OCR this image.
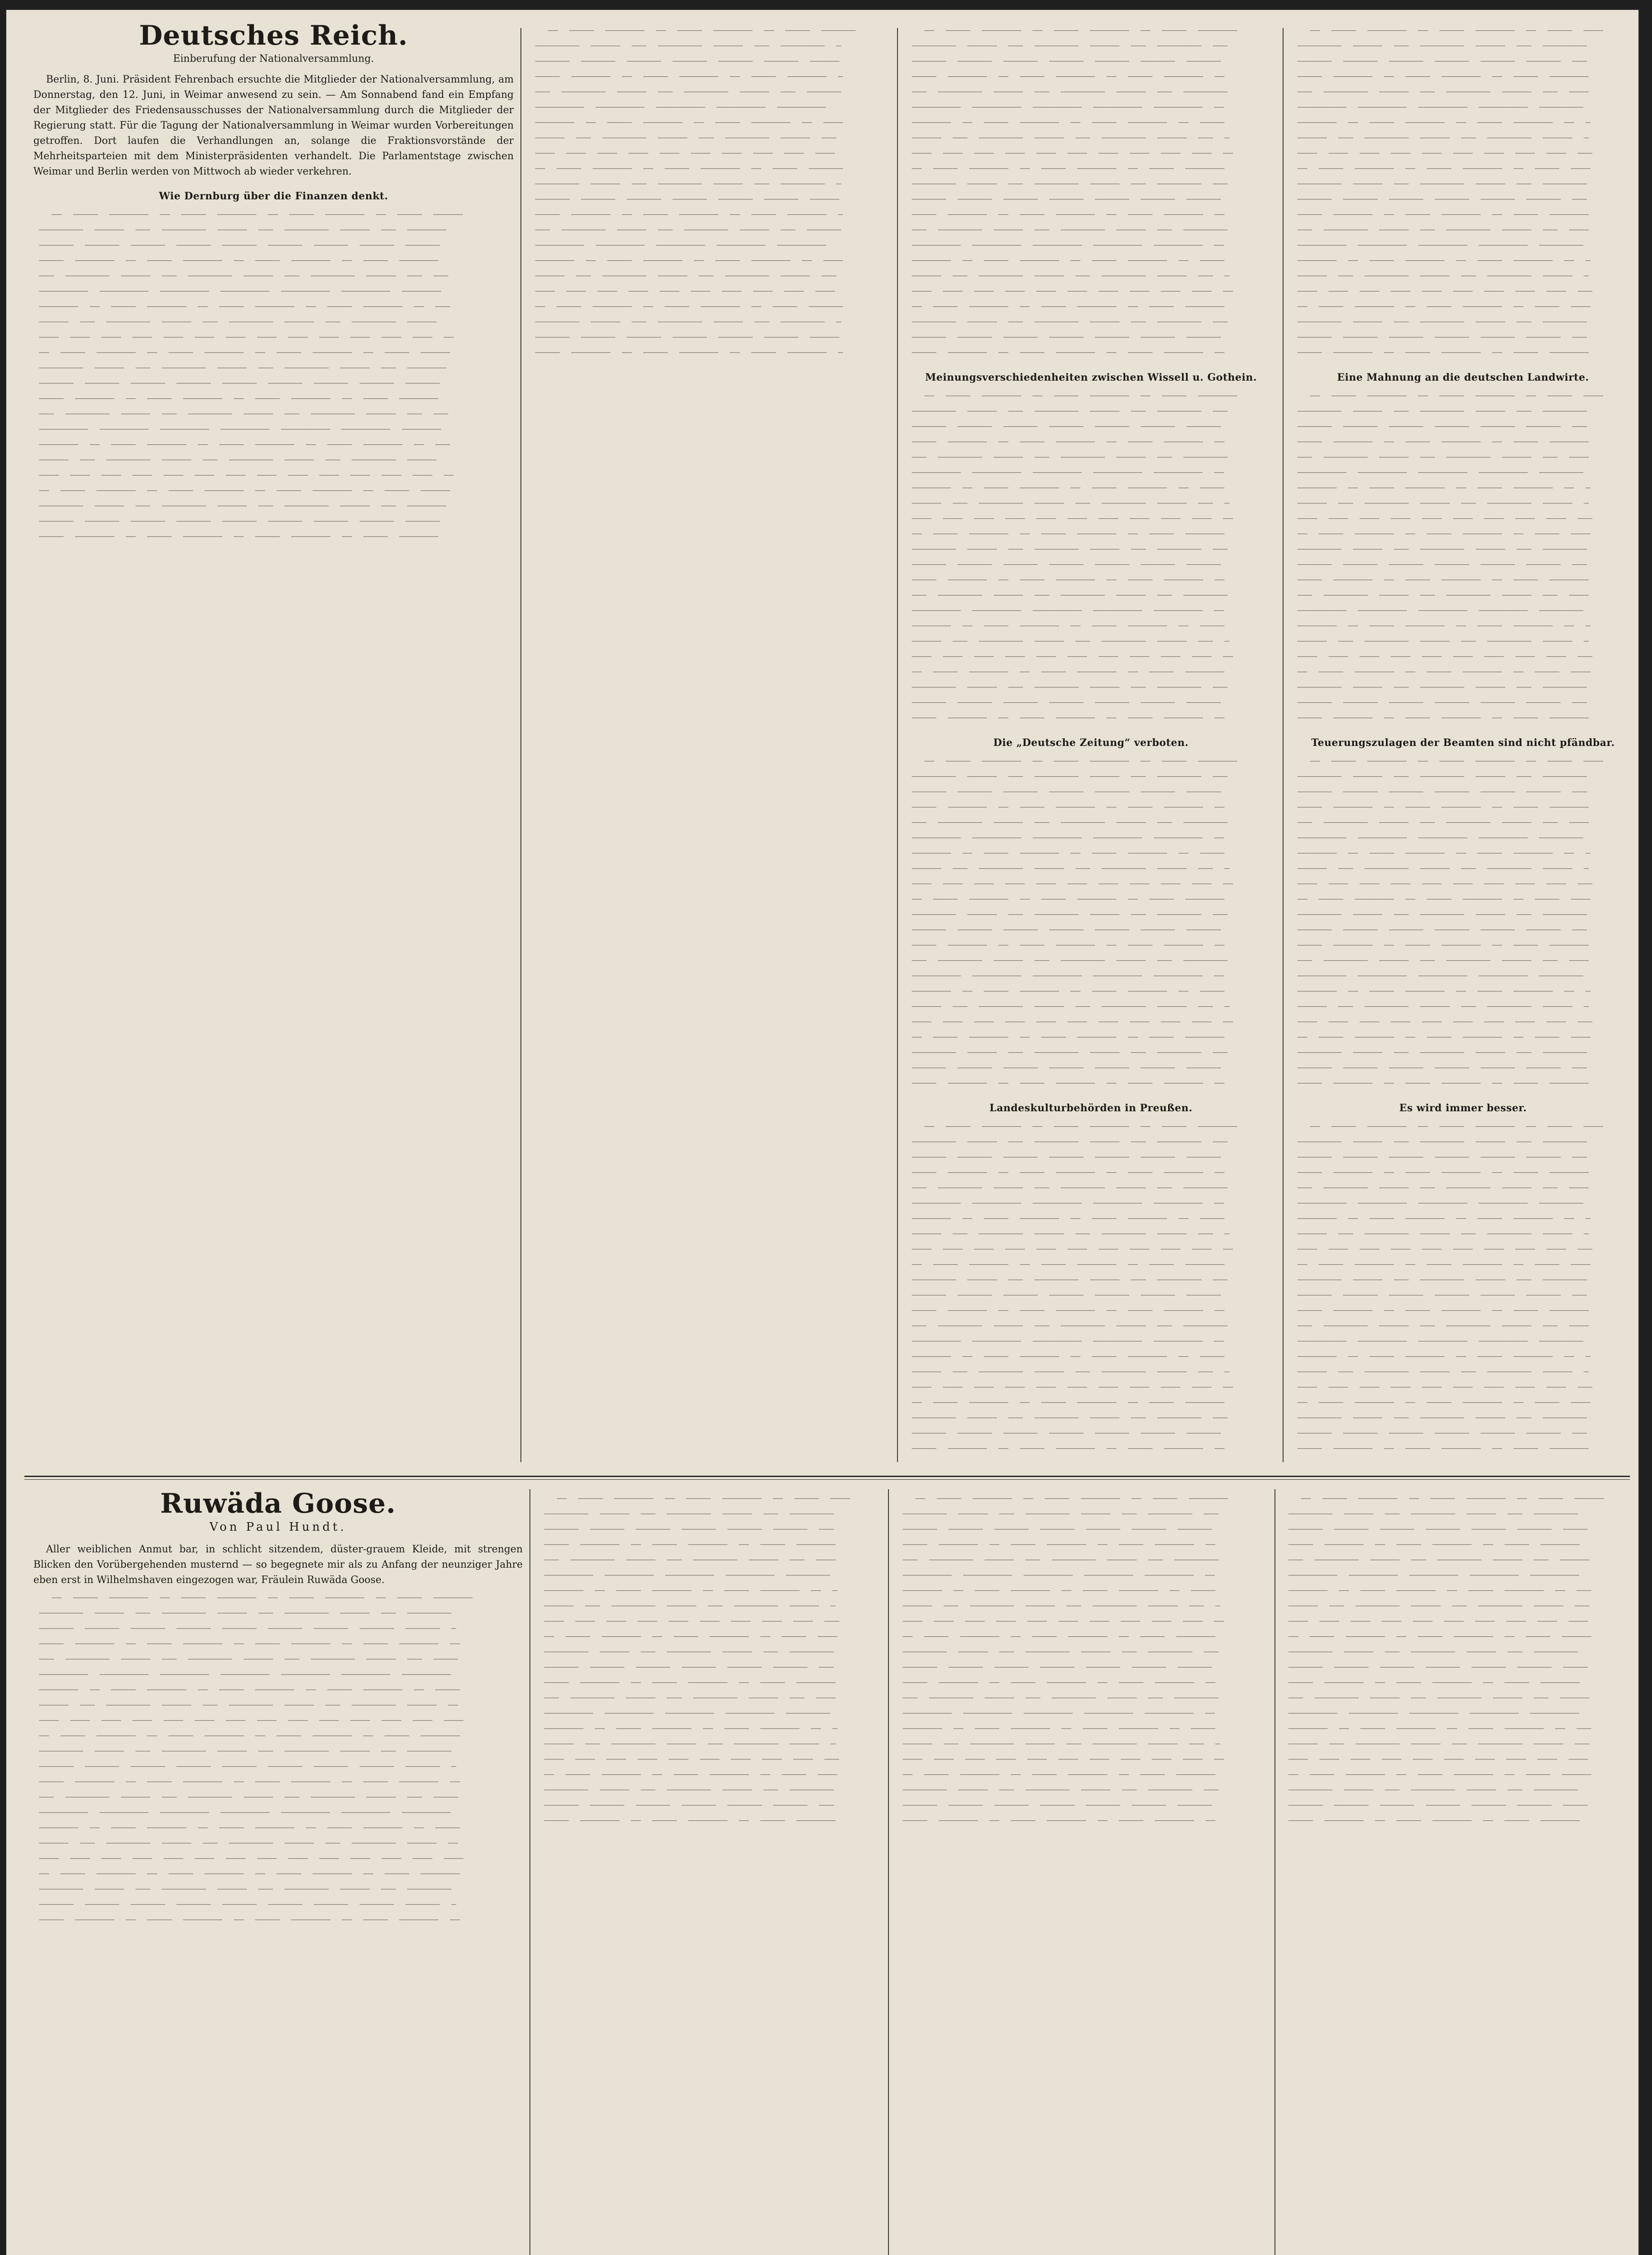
Deutsches Reich.
Einberufung der Nationalversammlung.

Berlin, 8. Juni. Präsident Fehrenbach ersuchte die Mitglieder der Nationalversammlung, am Donnerstag, den 12. Juni, in Weimar anwesend zu sein. — Am Sonnabend fand ein Empfang der Mitglieder des Friedensausschusses der Nationalversammlung durch die Mitglieder der Regierung statt. Für die Tagung der Nationalversammlung in Weimar wurden Vorbereitungen getroffen. Dort laufen die Verhandlungen an, solange die Fraktionsvorstände der Mehrheitsparteien mit dem Ministerpräsidenten verhandelt. Die Parlamentstage zwischen Weimar und Berlin werden von Mittwoch ab wieder verkehren.

Wie Dernburg über die Finanzen denkt.

──  ─────  ────────  ──  ─────  ────────  ──  ─────  ────────  ──  ─────  ──────
─────────  ──────  ───  ─────────  ──────  ───  ─────────  ──────  ───  ────────
───────  ───────  ───────  ───────  ───────  ───────  ───────  ───────  ───────
─────  ────────  ──  ─────  ────────  ──  ─────  ────────  ──  ─────  ────────
───  ─────────  ──────  ───  ─────────  ──────  ───  ─────────  ──────  ───  ───
──────────  ──────────  ──────────  ──────────  ──────────  ──────────  ────────
────────  ──  ─────  ────────  ──  ─────  ────────  ──  ─────  ────────  ──  ───
──────  ───  ─────────  ──────  ───  ─────────  ──────  ───  ─────────  ──────
────  ────  ────  ────  ────  ────  ────  ────  ────  ────  ────  ────  ────  ──
──  ─────  ────────  ──  ─────  ────────  ──  ─────  ────────  ──  ─────  ──────
─────────  ──────  ───  ─────────  ──────  ───  ─────────  ──────  ───  ────────
───────  ───────  ───────  ───────  ───────  ───────  ───────  ───────  ───────
─────  ────────  ──  ─────  ────────  ──  ─────  ────────  ──  ─────  ────────
───  ─────────  ──────  ───  ─────────  ──────  ───  ─────────  ──────  ───  ───
──────────  ──────────  ──────────  ──────────  ──────────  ──────────  ────────
────────  ──  ─────  ────────  ──  ─────  ────────  ──  ─────  ────────  ──  ───
──────  ───  ─────────  ──────  ───  ─────────  ──────  ───  ─────────  ──────
────  ────  ────  ────  ────  ────  ────  ────  ────  ────  ────  ────  ────  ──
──  ─────  ────────  ──  ─────  ────────  ──  ─────  ────────  ──  ─────  ──────
─────────  ──────  ───  ─────────  ──────  ───  ─────────  ──────  ───  ────────
───────  ───────  ───────  ───────  ───────  ───────  ───────  ───────  ───────
─────  ────────  ──  ─────  ────────  ──  ─────  ────────  ──  ─────  ────────

──  ─────  ────────  ──  ─────  ────────  ──  ─────  ───────
─────────  ──────  ───  ─────────  ──────  ───  ─────────  ─
───────  ───────  ───────  ───────  ───────  ───────  ──────
─────  ────────  ──  ─────  ────────  ──  ─────  ────────  ─
───  ─────────  ──────  ───  ─────────  ──────  ───  ───────
──────────  ──────────  ──────────  ──────────  ──────────
────────  ──  ─────  ────────  ──  ─────  ────────  ──  ────
──────  ───  ─────────  ──────  ───  ─────────  ──────  ───
────  ────  ────  ────  ────  ────  ────  ────  ────  ────
──  ─────  ────────  ──  ─────  ────────  ──  ─────  ───────
─────────  ──────  ───  ─────────  ──────  ───  ─────────  ─
───────  ───────  ───────  ───────  ───────  ───────  ──────
─────  ────────  ──  ─────  ────────  ──  ─────  ────────  ─
───  ─────────  ──────  ───  ─────────  ──────  ───  ───────
──────────  ──────────  ──────────  ──────────  ──────────
────────  ──  ─────  ────────  ──  ─────  ────────  ──  ────
──────  ───  ─────────  ──────  ───  ─────────  ──────  ───
────  ────  ────  ────  ────  ────  ────  ────  ────  ────
──  ─────  ────────  ──  ─────  ────────  ──  ─────  ───────
─────────  ──────  ───  ─────────  ──────  ───  ─────────  ─
───────  ───────  ───────  ───────  ───────  ───────  ──────
─────  ────────  ──  ─────  ────────  ──  ─────  ────────  ─

──  ─────  ────────  ──  ─────  ────────  ──  ─────  ────────
─────────  ──────  ───  ─────────  ──────  ───  ─────────  ───
───────  ───────  ───────  ───────  ───────  ───────  ───────
─────  ────────  ──  ─────  ────────  ──  ─────  ────────  ──
───  ─────────  ──────  ───  ─────────  ──────  ───  ─────────
──────────  ──────────  ──────────  ──────────  ──────────  ──
────────  ──  ─────  ────────  ──  ─────  ────────  ──  ─────
──────  ───  ─────────  ──────  ───  ─────────  ──────  ───  ─
────  ────  ────  ────  ────  ────  ────  ────  ────  ────  ──
──  ─────  ────────  ──  ─────  ────────  ──  ─────  ────────
─────────  ──────  ───  ─────────  ──────  ───  ─────────  ───
───────  ───────  ───────  ───────  ───────  ───────  ───────
─────  ────────  ──  ─────  ────────  ──  ─────  ────────  ──
───  ─────────  ──────  ───  ─────────  ──────  ───  ─────────
──────────  ──────────  ──────────  ──────────  ──────────  ──
────────  ──  ─────  ────────  ──  ─────  ────────  ──  ─────
──────  ───  ─────────  ──────  ───  ─────────  ──────  ───  ─
────  ────  ────  ────  ────  ────  ────  ────  ────  ────  ──
──  ─────  ────────  ──  ─────  ────────  ──  ─────  ────────
─────────  ──────  ───  ─────────  ──────  ───  ─────────  ───
───────  ───────  ───────  ───────  ───────  ───────  ───────
─────  ────────  ──  ─────  ────────  ──  ─────  ────────  ──

Meinungsverschiedenheiten zwischen Wissell u. Gothein.

──  ─────  ────────  ──  ─────  ────────  ──  ─────  ────────
─────────  ──────  ───  ─────────  ──────  ───  ─────────  ───
───────  ───────  ───────  ───────  ───────  ───────  ───────
─────  ────────  ──  ─────  ────────  ──  ─────  ────────  ──
───  ─────────  ──────  ───  ─────────  ──────  ───  ─────────
──────────  ──────────  ──────────  ──────────  ──────────  ──
────────  ──  ─────  ────────  ──  ─────  ────────  ──  ─────
──────  ───  ─────────  ──────  ───  ─────────  ──────  ───  ─
────  ────  ────  ────  ────  ────  ────  ────  ────  ────  ──
──  ─────  ────────  ──  ─────  ────────  ──  ─────  ────────
─────────  ──────  ───  ─────────  ──────  ───  ─────────  ───
───────  ───────  ───────  ───────  ───────  ───────  ───────
─────  ────────  ──  ─────  ────────  ──  ─────  ────────  ──
───  ─────────  ──────  ───  ─────────  ──────  ───  ─────────
──────────  ──────────  ──────────  ──────────  ──────────  ──
────────  ──  ─────  ────────  ──  ─────  ────────  ──  ─────
──────  ───  ─────────  ──────  ───  ─────────  ──────  ───  ─
────  ────  ────  ────  ────  ────  ────  ────  ────  ────  ──
──  ─────  ────────  ──  ─────  ────────  ──  ─────  ────────
─────────  ──────  ───  ─────────  ──────  ───  ─────────  ───
───────  ───────  ───────  ───────  ───────  ───────  ───────
─────  ────────  ──  ─────  ────────  ──  ─────  ────────  ──

Die „Deutsche Zeitung“ verboten.

──  ─────  ────────  ──  ─────  ────────  ──  ─────  ────────
─────────  ──────  ───  ─────────  ──────  ───  ─────────  ───
───────  ───────  ───────  ───────  ───────  ───────  ───────
─────  ────────  ──  ─────  ────────  ──  ─────  ────────  ──
───  ─────────  ──────  ───  ─────────  ──────  ───  ─────────
──────────  ──────────  ──────────  ──────────  ──────────  ──
────────  ──  ─────  ────────  ──  ─────  ────────  ──  ─────
──────  ───  ─────────  ──────  ───  ─────────  ──────  ───  ─
────  ────  ────  ────  ────  ────  ────  ────  ────  ────  ──
──  ─────  ────────  ──  ─────  ────────  ──  ─────  ────────
─────────  ──────  ───  ─────────  ──────  ───  ─────────  ───
───────  ───────  ───────  ───────  ───────  ───────  ───────
─────  ────────  ──  ─────  ────────  ──  ─────  ────────  ──
───  ─────────  ──────  ───  ─────────  ──────  ───  ─────────
──────────  ──────────  ──────────  ──────────  ──────────  ──
────────  ──  ─────  ────────  ──  ─────  ────────  ──  ─────
──────  ───  ─────────  ──────  ───  ─────────  ──────  ───  ─
────  ────  ────  ────  ────  ────  ────  ────  ────  ────  ──
──  ─────  ────────  ──  ─────  ────────  ──  ─────  ────────
─────────  ──────  ───  ─────────  ──────  ───  ─────────  ───
───────  ───────  ───────  ───────  ───────  ───────  ───────
─────  ────────  ──  ─────  ────────  ──  ─────  ────────  ──

Landeskulturbehörden in Preußen.

──  ─────  ────────  ──  ─────  ────────  ──  ─────  ────────
─────────  ──────  ───  ─────────  ──────  ───  ─────────  ───
───────  ───────  ───────  ───────  ───────  ───────  ───────
─────  ────────  ──  ─────  ────────  ──  ─────  ────────  ──
───  ─────────  ──────  ───  ─────────  ──────  ───  ─────────
──────────  ──────────  ──────────  ──────────  ──────────  ──
────────  ──  ─────  ────────  ──  ─────  ────────  ──  ─────
──────  ───  ─────────  ──────  ───  ─────────  ──────  ───  ─
────  ────  ────  ────  ────  ────  ────  ────  ────  ────  ──
──  ─────  ────────  ──  ─────  ────────  ──  ─────  ────────
─────────  ──────  ───  ─────────  ──────  ───  ─────────  ───
───────  ───────  ───────  ───────  ───────  ───────  ───────
─────  ────────  ──  ─────  ────────  ──  ─────  ────────  ──
───  ─────────  ──────  ───  ─────────  ──────  ───  ─────────
──────────  ──────────  ──────────  ──────────  ──────────  ──
────────  ──  ─────  ────────  ──  ─────  ────────  ──  ─────
──────  ───  ─────────  ──────  ───  ─────────  ──────  ───  ─
────  ────  ────  ────  ────  ────  ────  ────  ────  ────  ──
──  ─────  ────────  ──  ─────  ────────  ──  ─────  ────────
─────────  ──────  ───  ─────────  ──────  ───  ─────────  ───
───────  ───────  ───────  ───────  ───────  ───────  ───────
─────  ────────  ──  ─────  ────────  ──  ─────  ────────  ──

──  ─────  ────────  ──  ─────  ────────  ──  ─────  ────
─────────  ──────  ───  ─────────  ──────  ───  ─────────
───────  ───────  ───────  ───────  ───────  ───────  ───
─────  ────────  ──  ─────  ────────  ──  ─────  ────────
───  ─────────  ──────  ───  ─────────  ──────  ───  ────
──────────  ──────────  ──────────  ──────────  ─────────
────────  ──  ─────  ────────  ──  ─────  ────────  ──  ─
──────  ───  ─────────  ──────  ───  ─────────  ──────  ─
────  ────  ────  ────  ────  ────  ────  ────  ────  ───
──  ─────  ────────  ──  ─────  ────────  ──  ─────  ────
─────────  ──────  ───  ─────────  ──────  ───  ─────────
───────  ───────  ───────  ───────  ───────  ───────  ───
─────  ────────  ──  ─────  ────────  ──  ─────  ────────
───  ─────────  ──────  ───  ─────────  ──────  ───  ────
──────────  ──────────  ──────────  ──────────  ─────────
────────  ──  ─────  ────────  ──  ─────  ────────  ──  ─
──────  ───  ─────────  ──────  ───  ─────────  ──────  ─
────  ────  ────  ────  ────  ────  ────  ────  ────  ───
──  ─────  ────────  ──  ─────  ────────  ──  ─────  ────
─────────  ──────  ───  ─────────  ──────  ───  ─────────
───────  ───────  ───────  ───────  ───────  ───────  ───
─────  ────────  ──  ─────  ────────  ──  ─────  ────────

Eine Mahnung an die deutschen Landwirte.

──  ─────  ────────  ──  ─────  ────────  ──  ─────  ────
─────────  ──────  ───  ─────────  ──────  ───  ─────────
───────  ───────  ───────  ───────  ───────  ───────  ───
─────  ────────  ──  ─────  ────────  ──  ─────  ────────
───  ─────────  ──────  ───  ─────────  ──────  ───  ────
──────────  ──────────  ──────────  ──────────  ─────────
────────  ──  ─────  ────────  ──  ─────  ────────  ──  ─
──────  ───  ─────────  ──────  ───  ─────────  ──────  ─
────  ────  ────  ────  ────  ────  ────  ────  ────  ───
──  ─────  ────────  ──  ─────  ────────  ──  ─────  ────
─────────  ──────  ───  ─────────  ──────  ───  ─────────
───────  ───────  ───────  ───────  ───────  ───────  ───
─────  ────────  ──  ─────  ────────  ──  ─────  ────────
───  ─────────  ──────  ───  ─────────  ──────  ───  ────
──────────  ──────────  ──────────  ──────────  ─────────
────────  ──  ─────  ────────  ──  ─────  ────────  ──  ─
──────  ───  ─────────  ──────  ───  ─────────  ──────  ─
────  ────  ────  ────  ────  ────  ────  ────  ────  ───
──  ─────  ────────  ──  ─────  ────────  ──  ─────  ────
─────────  ──────  ───  ─────────  ──────  ───  ─────────
───────  ───────  ───────  ───────  ───────  ───────  ───
─────  ────────  ──  ─────  ────────  ──  ─────  ────────

Teuerungszulagen der Beamten sind nicht pfändbar.

──  ─────  ────────  ──  ─────  ────────  ──  ─────  ────
─────────  ──────  ───  ─────────  ──────  ───  ─────────
───────  ───────  ───────  ───────  ───────  ───────  ───
─────  ────────  ──  ─────  ────────  ──  ─────  ────────
───  ─────────  ──────  ───  ─────────  ──────  ───  ────
──────────  ──────────  ──────────  ──────────  ─────────
────────  ──  ─────  ────────  ──  ─────  ────────  ──  ─
──────  ───  ─────────  ──────  ───  ─────────  ──────  ─
────  ────  ────  ────  ────  ────  ────  ────  ────  ───
──  ─────  ────────  ──  ─────  ────────  ──  ─────  ────
─────────  ──────  ───  ─────────  ──────  ───  ─────────
───────  ───────  ───────  ───────  ───────  ───────  ───
─────  ────────  ──  ─────  ────────  ──  ─────  ────────
───  ─────────  ──────  ───  ─────────  ──────  ───  ────
──────────  ──────────  ──────────  ──────────  ─────────
────────  ──  ─────  ────────  ──  ─────  ────────  ──  ─
──────  ───  ─────────  ──────  ───  ─────────  ──────  ─
────  ────  ────  ────  ────  ────  ────  ────  ────  ───
──  ─────  ────────  ──  ─────  ────────  ──  ─────  ────
─────────  ──────  ───  ─────────  ──────  ───  ─────────
───────  ───────  ───────  ───────  ───────  ───────  ───
─────  ────────  ──  ─────  ────────  ──  ─────  ────────

Es wird immer besser.

──  ─────  ────────  ──  ─────  ────────  ──  ─────  ────
─────────  ──────  ───  ─────────  ──────  ───  ─────────
───────  ───────  ───────  ───────  ───────  ───────  ───
─────  ────────  ──  ─────  ────────  ──  ─────  ────────
───  ─────────  ──────  ───  ─────────  ──────  ───  ────
──────────  ──────────  ──────────  ──────────  ─────────
────────  ──  ─────  ────────  ──  ─────  ────────  ──  ─
──────  ───  ─────────  ──────  ───  ─────────  ──────  ─
────  ────  ────  ────  ────  ────  ────  ────  ────  ───
──  ─────  ────────  ──  ─────  ────────  ──  ─────  ────
─────────  ──────  ───  ─────────  ──────  ───  ─────────
───────  ───────  ───────  ───────  ───────  ───────  ───
─────  ────────  ──  ─────  ────────  ──  ─────  ────────
───  ─────────  ──────  ───  ─────────  ──────  ───  ────
──────────  ──────────  ──────────  ──────────  ─────────
────────  ──  ─────  ────────  ──  ─────  ────────  ──  ─
──────  ───  ─────────  ──────  ───  ─────────  ──────  ─
────  ────  ────  ────  ────  ────  ────  ────  ────  ───
──  ─────  ────────  ──  ─────  ────────  ──  ─────  ────
─────────  ──────  ───  ─────────  ──────  ───  ─────────
───────  ───────  ───────  ───────  ───────  ───────  ───
─────  ────────  ──  ─────  ────────  ──  ─────  ────────

Ruwäda Goose.
Von Paul Hundt.

Aller weiblichen Anmut bar, in schlicht sitzendem, düster-grauem Kleide, mit strengen Blicken den Vorübergehenden musternd — so begegnete mir als zu Anfang der neunziger Jahre eben erst in Wilhelmshaven eingezogen war, Fräulein Ruwäda Goose.

──  ─────  ────────  ──  ─────  ────────  ──  ─────  ────────  ──  ─────  ────────
─────────  ──────  ───  ─────────  ──────  ───  ─────────  ──────  ───  ─────────
───────  ───────  ───────  ───────  ───────  ───────  ───────  ───────  ───────  ─
─────  ────────  ──  ─────  ────────  ──  ─────  ────────  ──  ─────  ────────  ──
───  ─────────  ──────  ───  ─────────  ──────  ───  ─────────  ──────  ───  ─────
──────────  ──────────  ──────────  ──────────  ──────────  ──────────  ──────────
────────  ──  ─────  ────────  ──  ─────  ────────  ──  ─────  ────────  ──  ─────
──────  ───  ─────────  ──────  ───  ─────────  ──────  ───  ─────────  ──────  ──
────  ────  ────  ────  ────  ────  ────  ────  ────  ────  ────  ────  ────  ────
──  ─────  ────────  ──  ─────  ────────  ──  ─────  ────────  ──  ─────  ────────
─────────  ──────  ───  ─────────  ──────  ───  ─────────  ──────  ───  ─────────
───────  ───────  ───────  ───────  ───────  ───────  ───────  ───────  ───────  ─
─────  ────────  ──  ─────  ────────  ──  ─────  ────────  ──  ─────  ────────  ──
───  ─────────  ──────  ───  ─────────  ──────  ───  ─────────  ──────  ───  ─────
──────────  ──────────  ──────────  ──────────  ──────────  ──────────  ──────────
────────  ──  ─────  ────────  ──  ─────  ────────  ──  ─────  ────────  ──  ─────
──────  ───  ─────────  ──────  ───  ─────────  ──────  ───  ─────────  ──────  ──
────  ────  ────  ────  ────  ────  ────  ────  ────  ────  ────  ────  ────  ────
──  ─────  ────────  ──  ─────  ────────  ──  ─────  ────────  ──  ─────  ────────
─────────  ──────  ───  ─────────  ──────  ───  ─────────  ──────  ───  ─────────
───────  ───────  ───────  ───────  ───────  ───────  ───────  ───────  ───────  ─
─────  ────────  ──  ─────  ────────  ──  ─────  ────────  ──  ─────  ────────  ──

──  ─────  ────────  ──  ─────  ────────  ──  ─────  ────
─────────  ──────  ───  ─────────  ──────  ───  ─────────
───────  ───────  ───────  ───────  ───────  ───────  ───
─────  ────────  ──  ─────  ────────  ──  ─────  ────────
───  ─────────  ──────  ───  ─────────  ──────  ───  ────
──────────  ──────────  ──────────  ──────────  ─────────
────────  ──  ─────  ────────  ──  ─────  ────────  ──  ─
──────  ───  ─────────  ──────  ───  ─────────  ──────  ─
────  ────  ────  ────  ────  ────  ────  ────  ────  ───
──  ─────  ────────  ──  ─────  ────────  ──  ─────  ────
─────────  ──────  ───  ─────────  ──────  ───  ─────────
───────  ───────  ───────  ───────  ───────  ───────  ───
─────  ────────  ──  ─────  ────────  ──  ─────  ────────
───  ─────────  ──────  ───  ─────────  ──────  ───  ────
──────────  ──────────  ──────────  ──────────  ─────────
────────  ──  ─────  ────────  ──  ─────  ────────  ──  ─
──────  ───  ─────────  ──────  ───  ─────────  ──────  ─
────  ────  ────  ────  ────  ────  ────  ────  ────  ───
──  ─────  ────────  ──  ─────  ────────  ──  ─────  ────
─────────  ──────  ───  ─────────  ──────  ───  ─────────
───────  ───────  ───────  ───────  ───────  ───────  ───
─────  ────────  ──  ─────  ────────  ──  ─────  ────────

──  ─────  ────────  ──  ─────  ────────  ──  ─────  ────────
─────────  ──────  ───  ─────────  ──────  ───  ─────────  ───
───────  ───────  ───────  ───────  ───────  ───────  ───────
─────  ────────  ──  ─────  ────────  ──  ─────  ────────  ──
───  ─────────  ──────  ───  ─────────  ──────  ───  ─────────
──────────  ──────────  ──────────  ──────────  ──────────  ──
────────  ──  ─────  ────────  ──  ─────  ────────  ──  ─────
──────  ───  ─────────  ──────  ───  ─────────  ──────  ───  ─
────  ────  ────  ────  ────  ────  ────  ────  ────  ────  ──
──  ─────  ────────  ──  ─────  ────────  ──  ─────  ────────
─────────  ──────  ───  ─────────  ──────  ───  ─────────  ───
───────  ───────  ───────  ───────  ───────  ───────  ───────
─────  ────────  ──  ─────  ────────  ──  ─────  ────────  ──
───  ─────────  ──────  ───  ─────────  ──────  ───  ─────────
──────────  ──────────  ──────────  ──────────  ──────────  ──
────────  ──  ─────  ────────  ──  ─────  ────────  ──  ─────
──────  ───  ─────────  ──────  ───  ─────────  ──────  ───  ─
────  ────  ────  ────  ────  ────  ────  ────  ────  ────  ──
──  ─────  ────────  ──  ─────  ────────  ──  ─────  ────────
─────────  ──────  ───  ─────────  ──────  ───  ─────────  ───
───────  ───────  ───────  ───────  ───────  ───────  ───────
─────  ────────  ──  ─────  ────────  ──  ─────  ────────  ──

──  ─────  ────────  ──  ─────  ────────  ──  ─────  ──────
─────────  ──────  ───  ─────────  ──────  ───  ─────────
───────  ───────  ───────  ───────  ───────  ───────  ─────
─────  ────────  ──  ─────  ────────  ──  ─────  ────────
───  ─────────  ──────  ───  ─────────  ──────  ───  ──────
──────────  ──────────  ──────────  ──────────  ──────────
────────  ──  ─────  ────────  ──  ─────  ────────  ──  ───
──────  ───  ─────────  ──────  ───  ─────────  ──────  ───
────  ────  ────  ────  ────  ────  ────  ────  ────  ────
──  ─────  ────────  ──  ─────  ────────  ──  ─────  ──────
─────────  ──────  ───  ─────────  ──────  ───  ─────────
───────  ───────  ───────  ───────  ───────  ───────  ─────
─────  ────────  ──  ─────  ────────  ──  ─────  ────────
───  ─────────  ──────  ───  ─────────  ──────  ───  ──────
──────────  ──────────  ──────────  ──────────  ──────────
────────  ──  ─────  ────────  ──  ─────  ────────  ──  ───
──────  ───  ─────────  ──────  ───  ─────────  ──────  ───
────  ────  ────  ────  ────  ────  ────  ────  ────  ────
──  ─────  ────────  ──  ─────  ────────  ──  ─────  ──────
─────────  ──────  ───  ─────────  ──────  ───  ─────────
───────  ───────  ───────  ───────  ───────  ───────  ─────
─────  ────────  ──  ─────  ────────  ──  ─────  ────────
